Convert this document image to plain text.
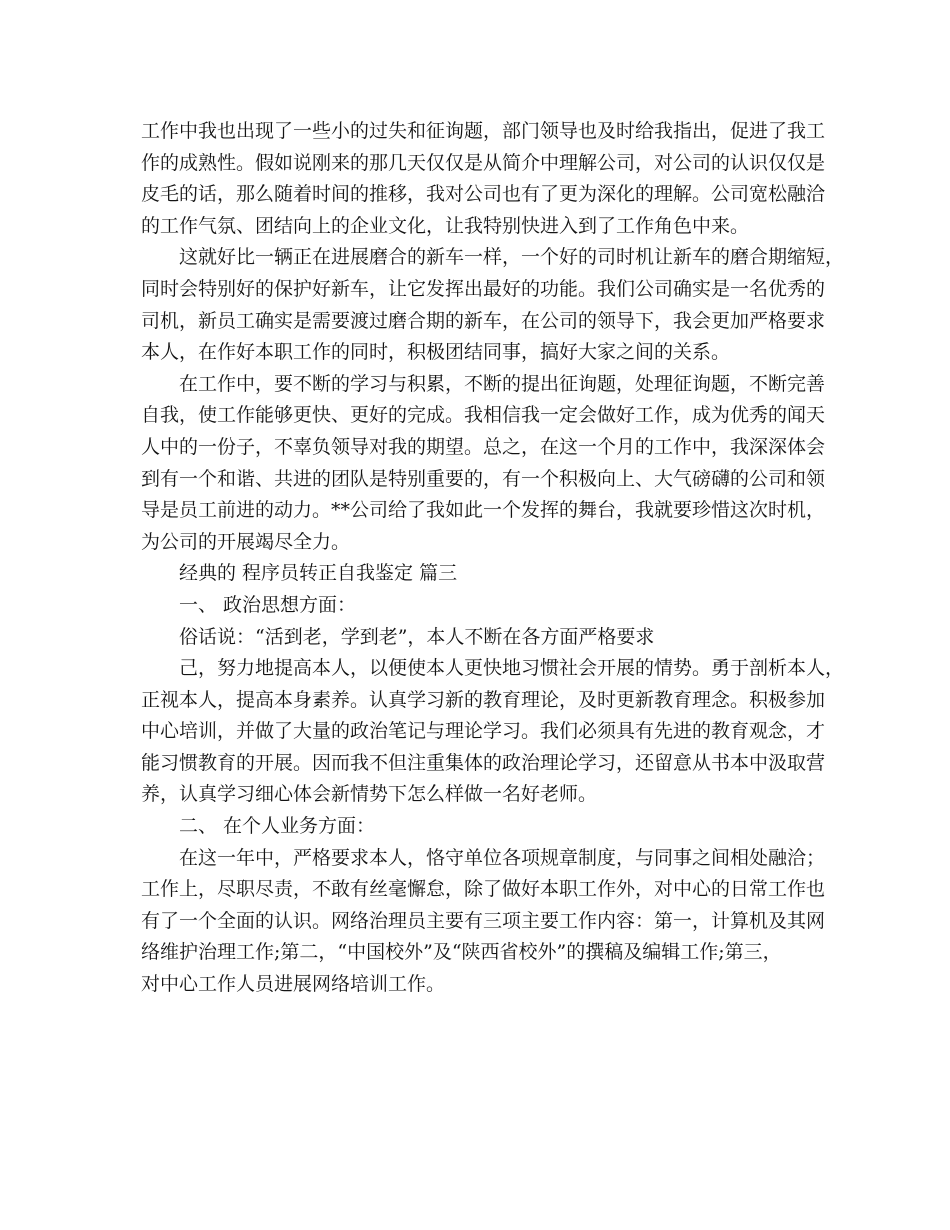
工作中我也出现了一些小的过失和征询题，部门领导也及时给我指出，促进了我工
作的成熟性。假如说刚来的那几天仅仅是从简介中理解公司，对公司的认识仅仅是
皮毛的话，那么随着时间的推移，我对公司也有了更为深化的理解。公司宽松融洽
的工作气氛、团结向上的企业文化，让我特别快进入到了工作角色中来。
这就好比一辆正在进展磨合的新车一样，一个好的司时机让新车的磨合期缩短，
同时会特别好的保护好新车，让它发挥出最好的功能。我们公司确实是一名优秀的
司机，新员工确实是需要渡过磨合期的新车，在公司的领导下，我会更加严格要求
本人，在作好本职工作的同时，积极团结同事，搞好大家之间的关系。
在工作中，要不断的学习与积累，不断的提出征询题，处理征询题，不断完善
自我，使工作能够更快、更好的完成。我相信我一定会做好工作，成为优秀的闻天
人中的一份子，不辜负领导对我的期望。总之，在这一个月的工作中，我深深体会
到有一个和谐、共进的团队是特别重要的，有一个积极向上、大气磅礴的公司和领
导是员工前进的动力。**公司给了我如此一个发挥的舞台，我就要珍惜这次时机，
为公司的开展竭尽全力。
经典的 程序员转正自我鉴定 篇三
一、 政治思想方面：
俗话说：“活到老，学到老”，本人不断在各方面严格要求
己，努力地提高本人，以便使本人更快地习惯社会开展的情势。勇于剖析本人，
正视本人，提高本身素养。认真学习新的教育理论，及时更新教育理念。积极参加
中心培训，并做了大量的政治笔记与理论学习。我们必须具有先进的教育观念，才
能习惯教育的开展。因而我不但注重集体的政治理论学习，还留意从书本中汲取营
养，认真学习细心体会新情势下怎么样做一名好老师。
二、 在个人业务方面：
在这一年中，严格要求本人，恪守单位各项规章制度，与同事之间相处融洽；
工作上，尽职尽责，不敢有丝毫懈怠，除了做好本职工作外，对中心的日常工作也
有了一个全面的认识。网络治理员主要有三项主要工作内容：第一，计算机及其网
络维护治理工作;第二，“中国校外”及“陕西省校外”的撰稿及编辑工作;第三，
对中心工作人员进展网络培训工作。
